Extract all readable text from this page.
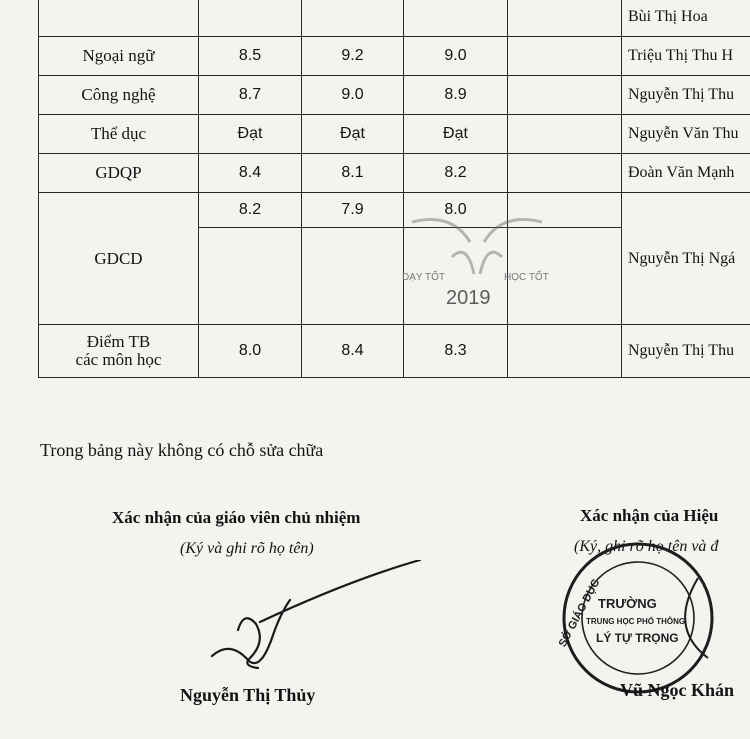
					Bùi Thị Hoa
Ngoại ngữ	8.5	9.2	9.0		Triệu Thị Thu H
Công nghệ	8.7	9.0	8.9		Nguyễn Thị Thu
Thể dục	Đạt	Đạt	Đạt		Nguyễn Văn Thu
GDQP	8.4	8.1	8.2		Đoàn Văn Mạnh
GDCD	8.2	7.9	8.0		Nguyễn Thị Ngá

Điểm TB
các môn học	8.0	8.4	8.3		Nguyễn Thị Thu
DẠY TỐT	HỌC TỐT
2019
Trong bảng này không có chỗ sửa chữa
Xác nhận của giáo viên chủ nhiệm
(Ký và ghi rõ họ tên)
Nguyễn Thị Thủy
Xác nhận của Hiệu
(Ký, ghi rõ họ tên và đ
SỞ GIÁO DỤC
TRƯỜNG
TRUNG HỌC PHỔ THÔNG
LÝ TỰ TRỌNG
Vũ Ngọc Khán
